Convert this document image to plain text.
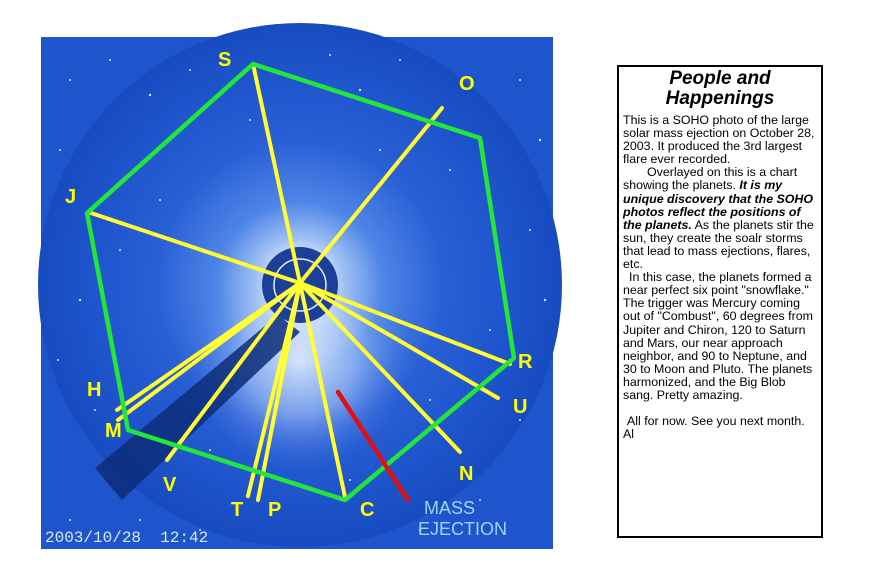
S
O
J
R
U
N
C
P
T
V
M
H
MASS
EJECTION
2003/10/28  12:42
People and Happenings

This is a SOHO photo of the large solar mass ejection on October 28, 2003. It produced the 3rd largest flare ever recorded.

Overlayed on this is a chart showing the planets. It is my unique discovery that the SOHO photos reflect the positions of the planets. As the planets stir the sun, they create the soalr storms that lead to mass ejections, flares, etc.

In this case, the planets formed a near perfect six point "snowflake." The trigger was Mercury coming out of "Combust", 60 degrees from Jupiter and Chiron, 120 to Saturn and Mars, our near approach neighbor, and 90 to Neptune, and 30 to Moon and Pluto. The planets harmonized, and the Big Blob sang. Pretty amazing.

All for now. See you next month.     Al
